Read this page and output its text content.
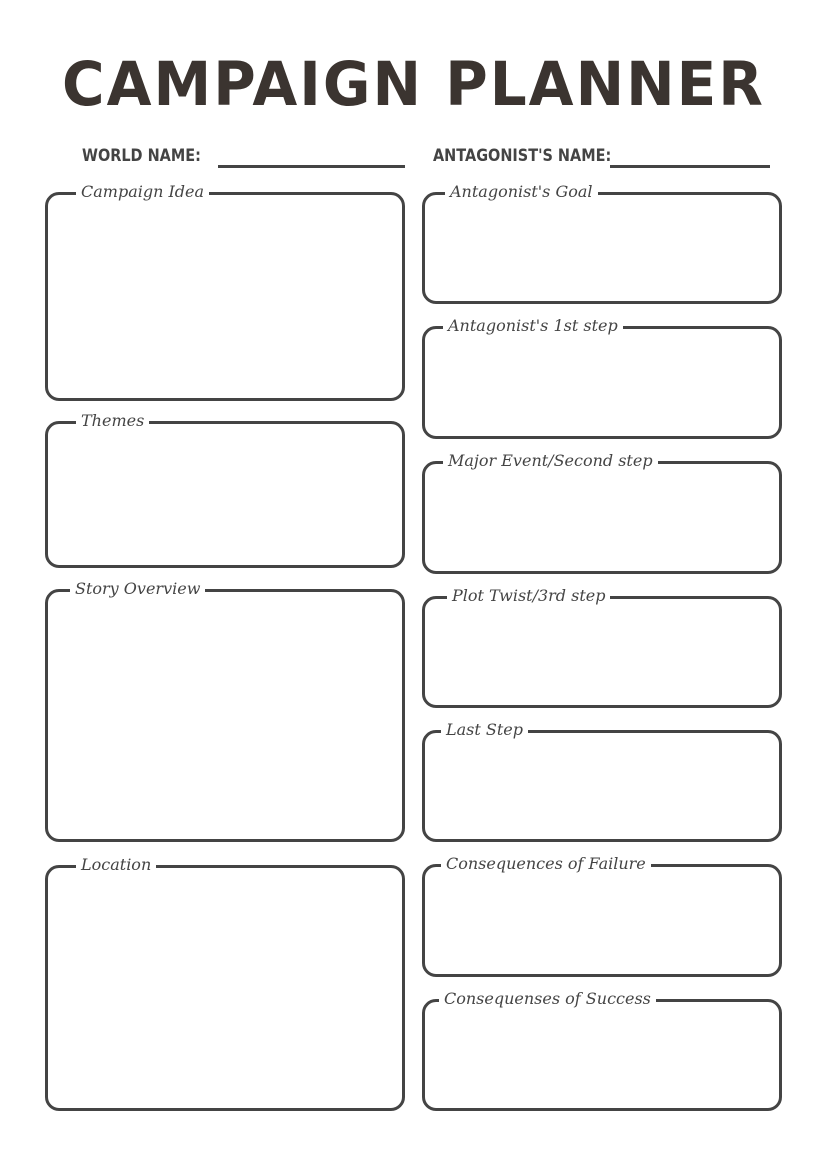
CAMPAIGN PLANNER
WORLD NAME:	ANTAGONIST'S NAME:
Campaign Idea
Themes
Story Overview
Location
Antagonist's Goal
Antagonist's 1st step
Major Event/Second step
Plot Twist/3rd step
Last Step
Consequences of Failure
Consequenses of Success
